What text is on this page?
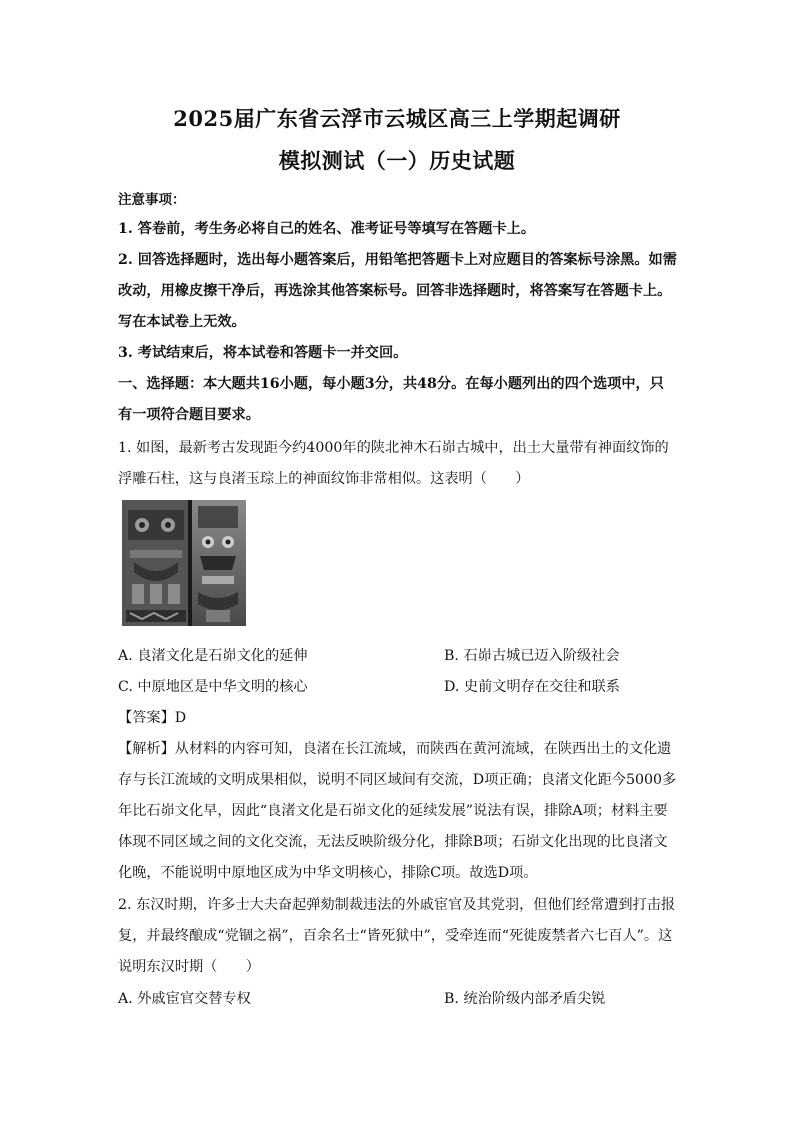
2025届广东省云浮市云城区高三上学期起调研
模拟测试（一）历史试题
注意事项：
1. 答卷前，考生务必将自己的姓名、准考证号等填写在答题卡上。
2. 回答选择题时，选出每小题答案后，用铅笔把答题卡上对应题目的答案标号涂黑。如需
改动，用橡皮擦干净后，再选涂其他答案标号。回答非选择题时，将答案写在答题卡上。
写在本试卷上无效。
3. 考试结束后，将本试卷和答题卡一并交回。
一、选择题：本大题共16小题，每小题3分，共48分。在每小题列出的四个选项中，只
有一项符合题目要求。
1. 如图，最新考古发现距今约4000年的陕北神木石峁古城中，出土大量带有神面纹饰的
浮雕石柱，这与良渚玉琮上的神面纹饰非常相似。这表明（　　）
A. 良渚文化是石峁文化的延伸	B. 石峁古城已迈入阶级社会
C. 中原地区是中华文明的核心	D. 史前文明存在交往和联系
【答案】D
【解析】从材料的内容可知，良渚在长江流域，而陕西在黄河流域，在陕西出土的文化遗
存与长江流域的文明成果相似，说明不同区域间有交流，D项正确；良渚文化距今5000多
年比石峁文化早，因此“良渚文化是石峁文化的延续发展”说法有误，排除A项；材料主要
体现不同区域之间的文化交流，无法反映阶级分化，排除B项；石峁文化出现的比良渚文
化晚，不能说明中原地区成为中华文明核心，排除C项。故选D项。
2. 东汉时期，许多士大夫奋起弹劾制裁违法的外戚宦官及其党羽，但他们经常遭到打击报
复，并最终酿成“党锢之祸”，百余名士“皆死狱中”，受牵连而“死徙废禁者六七百人”。这
说明东汉时期（　　）
A. 外戚宦官交替专权	B. 统治阶级内部矛盾尖锐
